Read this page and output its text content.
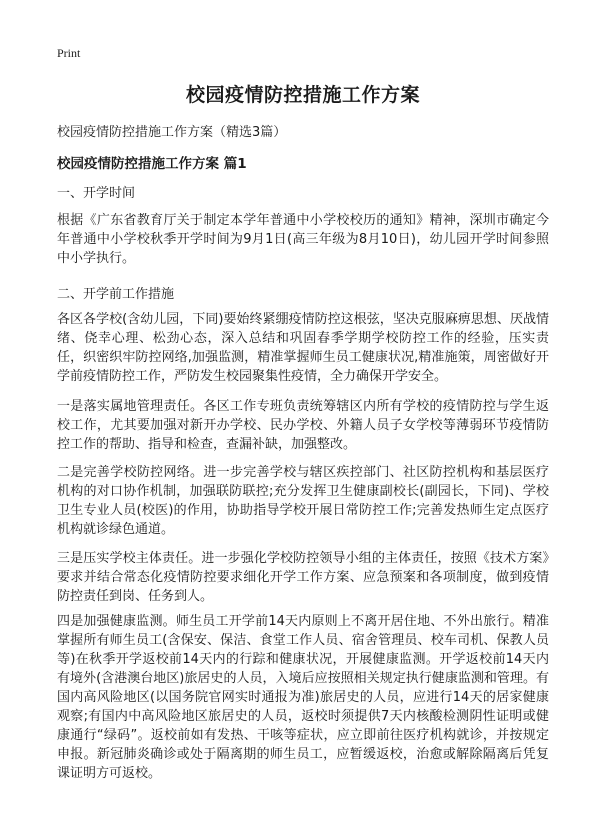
Print
校园疫情防控措施工作方案
校园疫情防控措施工作方案（精选3篇）
校园疫情防控措施工作方案 篇1
一、开学时间

根据《广东省教育厅关于制定本学年普通中小学校校历的通知》精神，深圳市确定今年普通中小学校秋季开学时间为9月1日(高三年级为8月10日)，幼儿园开学时间参照中小学执行。

二、开学前工作措施

各区各学校(含幼儿园，下同)要始终紧绷疫情防控这根弦，坚决克服麻痹思想、厌战情绪、侥幸心理、松劲心态，深入总结和巩固春季学期学校防控工作的经验，压实责任，织密织牢防控网络,加强监测，精准掌握师生员工健康状况,精准施策，周密做好开学前疫情防控工作，严防发生校园聚集性疫情，全力确保开学安全。

一是落实属地管理责任。各区工作专班负责统筹辖区内所有学校的疫情防控与学生返校工作，尤其要加强对新开办学校、民办学校、外籍人员子女学校等薄弱环节疫情防控工作的帮助、指导和检查，查漏补缺，加强整改。

二是完善学校防控网络。进一步完善学校与辖区疾控部门、社区防控机构和基层医疗机构的对口协作机制，加强联防联控;充分发挥卫生健康副校长(副园长，下同)、学校卫生专业人员(校医)的作用，协助指导学校开展日常防控工作;完善发热师生定点医疗机构就诊绿色通道。

三是压实学校主体责任。进一步强化学校防控领导小组的主体责任，按照《技术方案》要求并结合常态化疫情防控要求细化开学工作方案、应急预案和各项制度，做到疫情防控责任到岗、任务到人。

四是加强健康监测。师生员工开学前14天内原则上不离开居住地、不外出旅行。精准掌握所有师生员工(含保安、保洁、食堂工作人员、宿舍管理员、校车司机、保教人员等)在秋季开学返校前14天内的行踪和健康状况，开展健康监测。开学返校前14天内有境外(含港澳台地区)旅居史的人员，入境后应按照相关规定执行健康监测和管理。有国内高风险地区(以国务院官网实时通报为准)旅居史的人员，应进行14天的居家健康观察;有国内中高风险地区旅居史的人员，返校时须提供7天内核酸检测阴性证明或健康通行“绿码”。返校前如有发热、干咳等症状，应立即前往医疗机构就诊，并按规定申报。新冠肺炎确诊或处于隔离期的师生员工，应暂缓返校，治愈或解除隔离后凭复课证明方可返校。
